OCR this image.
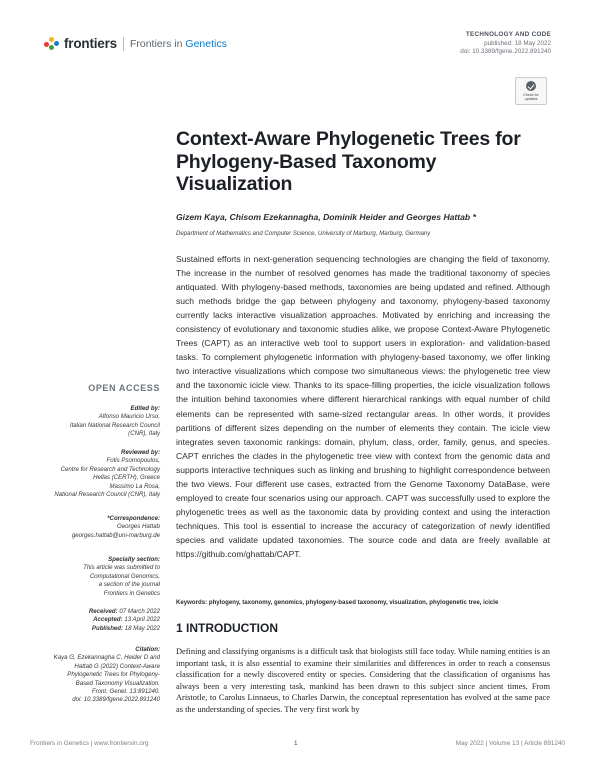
frontiers Frontiers in Genetics
TECHNOLOGY AND CODE
published: 18 May 2022
doi: 10.3389/fgene.2022.891240
Check for
updates
Context-Aware Phylogenetic Trees for
Phylogeny-Based Taxonomy
Visualization
Gizem Kaya, Chisom Ezekannagha, Dominik Heider and Georges Hattab *
Department of Mathematics and Computer Science, University of Marburg, Marburg, Germany
Sustained efforts in next-generation sequencing technologies are changing the field of taxonomy. The increase in the number of resolved genomes has made the traditional taxonomy of species antiquated. With phylogeny-based methods, taxonomies are being updated and refined. Although such methods bridge the gap between phylogeny and taxonomy, phylogeny-based taxonomy currently lacks interactive visualization approaches. Motivated by enriching and increasing the consistency of evolutionary and taxonomic studies alike, we propose Context-Aware Phylogenetic Trees (CAPT) as an interactive web tool to support users in exploration- and validation-based tasks. To complement phylogenetic information with phylogeny-based taxonomy, we offer linking two interactive visualizations which compose two simultaneous views: the phylogenetic tree view and the taxonomic icicle view. Thanks to its space-filling properties, the icicle visualization follows the intuition behind taxonomies where different hierarchical rankings with equal number of child elements can be represented with same-sized rectangular areas. In other words, it provides partitions of different sizes depending on the number of elements they contain. The icicle view integrates seven taxonomic rankings: domain, phylum, class, order, family, genus, and species. CAPT enriches the clades in the phylogenetic tree view with context from the genomic data and supports interactive techniques such as linking and brushing to highlight correspondence between the two views. Four different use cases, extracted from the Genome Taxonomy DataBase, were employed to create four scenarios using our approach. CAPT was successfully used to explore the phylogenetic trees as well as the taxonomic data by providing context and using the interaction techniques. This tool is essential to increase the accuracy of categorization of newly identified species and validate updated taxonomies. The source code and data are freely available at https://github.com/ghattab/CAPT.
Keywords: phylogeny, taxonomy, genomics, phylogeny-based taxonomy, visualization, phylogenetic tree, icicle
1 INTRODUCTION
Defining and classifying organisms is a difficult task that biologists still face today. While naming entities is an important task, it is also essential to examine their similarities and differences in order to reach a consensus classification for a newly discovered entity or species. Considering that the classification of organisms has always been a very interesting task, mankind has been drawn to this subject since ancient times. From Aristotle, to Carolus Linnaeus, to Charles Darwin, the conceptual representation has evolved at the same pace as the understanding of species. The very first work by
OPEN ACCESS
Edited by:
Alfonso Mauricio Urso,
Italian National Research Council
(CNR), Italy
Reviewed by:
Fotis Psomopoulos,
Centre for Research and Technology
Hellas (CERTH), Greece
Massimo La Rosa,
National Research Council (CNR), Italy
*Correspondence:
Georges Hattab
georges.hattab@uni-marburg.de
Specialty section:
This article was submitted to
Computational Genomics,
a section of the journal
Frontiers in Genetics
Received: 07 March 2022
Accepted: 13 April 2022
Published: 18 May 2022
Citation:
Kaya G, Ezekannagha C, Heider D and
Hattab G (2022) Context-Aware
Phylogenetic Trees for Phylogeny-
Based Taxonomy Visualization.
Front. Genet. 13:891240.
doi: 10.3389/fgene.2022.891240
Frontiers in Genetics | www.frontiersin.org	1	May 2022 | Volume 13 | Article 891240
